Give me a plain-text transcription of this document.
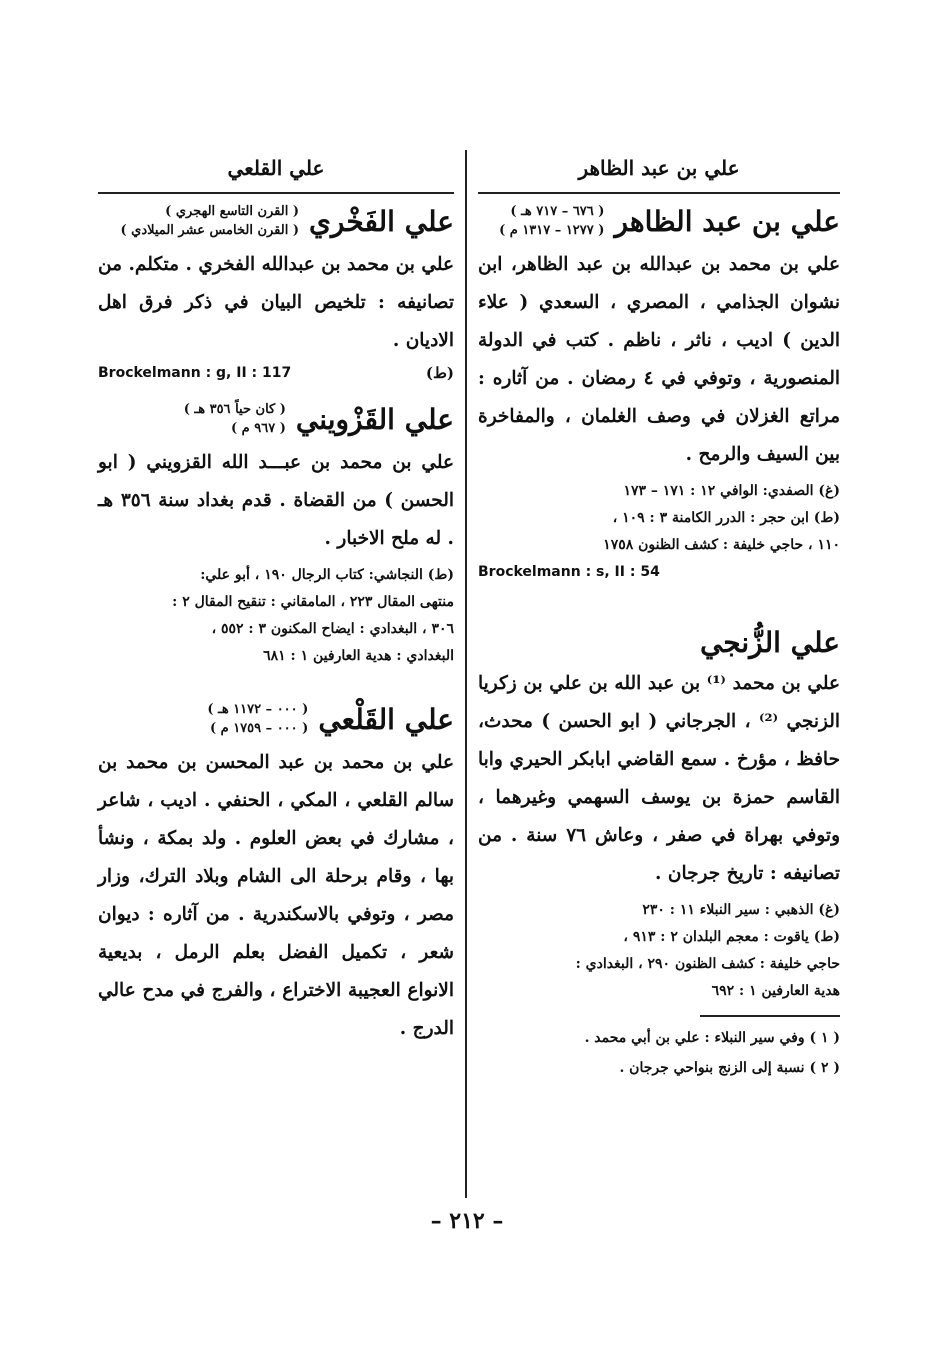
علي بن عبد الظاهر
علي بن عبد الظاهر
( ٦٧٦ – ٧١٧ هـ )
( ١٢٧٧ – ١٣١٧ م )
علي بن محمد بن عبدالله بن عبد الظاهر، ابن نشوان الجذامي ، المصري ، السعدي ( علاء الدين ) اديب ، ناثر ، ناظم . كتب في الدولة المنصورية ، وتوفي في ٤ رمضان . من آثاره : مراتع الغزلان في وصف الغلمان ، والمفاخرة بين السيف والرمح .
(غ) الصفدي: الوافي ١٢ : ١٧١ – ١٧٣
(ط) ابن حجر : الدرر الكامنة ٣ : ١٠٩ ،
١١٠ ، حاجي خليفة : كشف الظنون ١٧٥٨
Brockelmann : s, II : 54
علي الزُّنجي
علي بن محمد ⁽¹⁾ بن عبد الله بن علي بن زكريا الزنجي ⁽²⁾ ، الجرجاني ( ابو الحسن ) محدث، حافظ ، مؤرخ . سمع القاضي ابابكر الحيري وابا القاسم حمزة بن يوسف السهمي وغيرهما ، وتوفي بهراة في صفر ، وعاش ٧٦ سنة . من تصانيفه : تاريخ جرجان .
(غ) الذهبي : سير النبلاء ١١ : ٢٣٠
(ط) ياقوت : معجم البلدان ٢ : ٩١٣ ،
حاجي خليفة : كشف الظنون ٢٩٠ ، البغدادي :
هدية العارفين ١ : ٦٩٢
( ١ ) وفي سير النبلاء : علي بن أبي محمد .
( ٢ ) نسبة إلى الزنج بنواحي جرجان .
علي القلعي
علي الفَخْري
( القرن التاسع الهجري )
( القرن الخامس عشر الميلادي )
علي بن محمد بن عبدالله الفخري . متكلم. من تصانيفه : تلخيص البيان في ذكر فرق اهل الاديان .
(ط)
Brockelmann : g, II : 117
علي القَزْويني
( كان حياً ٣٥٦ هـ )
( ٩٦٧ م )
علي بن محمد بن عبـــد الله القزويني ( ابو الحسن ) من القضاة . قدم بغداد سنة ٣٥٦ هـ . له ملح الاخبار .
(ط) النجاشي: كتاب الرجال ١٩٠ ، أبو علي:
منتهى المقال ٢٢٣ ، المامقاني : تنقيح المقال ٢ :
٣٠٦ ، البغدادي : ايضاح المكنون ٣ : ٥٥٢ ،
البغدادي : هدية العارفين ١ : ٦٨١
علي القَلْعي
( ٠٠٠ – ١١٧٢ هـ )
( ٠٠٠ – ١٧٥٩ م )
علي بن محمد بن عبد المحسن بن محمد بن سالم القلعي ، المكي ، الحنفي . اديب ، شاعر ، مشارك في بعض العلوم . ولد بمكة ، ونشأ بها ، وقام برحلة الى الشام وبلاد الترك، وزار مصر ، وتوفي بالاسكندرية . من آثاره : ديوان شعر ، تكميل الفضل بعلم الرمل ، بديعية الانواع العجيبة الاختراع ، والفرج في مدح عالي الدرج .
– ٢١٢ –
